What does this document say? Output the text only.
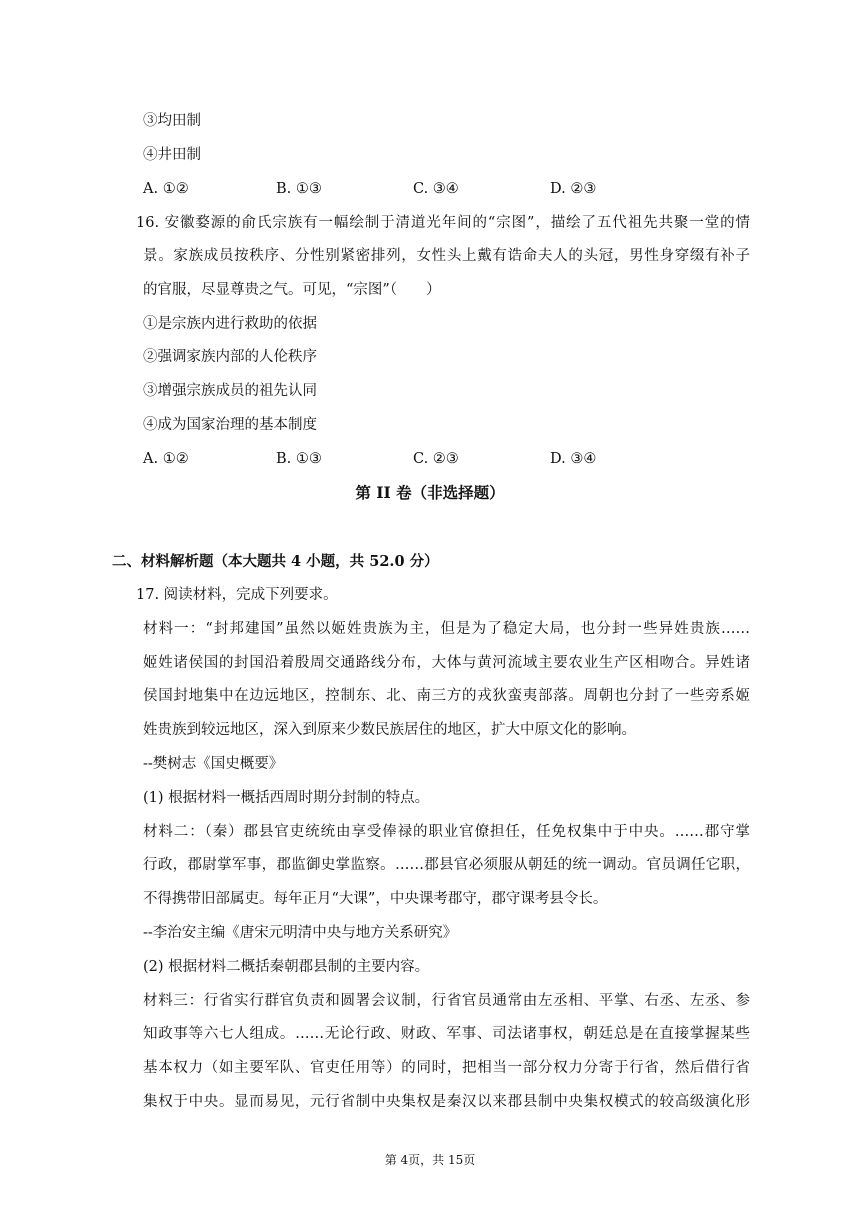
③均田制
④井田制
A. ①②	B. ①③	C. ③④	D. ②③
16. 安徽婺源的俞氏宗族有一幅绘制于清道光年间的“宗图”，描绘了五代祖先共聚一堂的情
景。家族成员按秩序、分性别紧密排列，女性头上戴有诰命夫人的头冠，男性身穿缀有补子
的官服，尽显尊贵之气。可见，“宗图”（　　）
①是宗族内进行救助的依据
②强调家族内部的人伦秩序
③增强宗族成员的祖先认同
④成为国家治理的基本制度
A. ①②	B. ①③	C. ②③	D. ③④
第 II 卷（非选择题）
二、材料解析题（本大题共 4 小题，共 52.0 分）
17. 阅读材料，完成下列要求。
材料一：“封邦建国”虽然以姬姓贵族为主，但是为了稳定大局，也分封一些异姓贵族……
姬姓诸侯国的封国沿着殷周交通路线分布，大体与黄河流域主要农业生产区相吻合。异姓诸
侯国封地集中在边远地区，控制东、北、南三方的戎狄蛮夷部落。周朝也分封了一些旁系姬
姓贵族到较远地区，深入到原来少数民族居住的地区，扩大中原文化的影响。
--樊树志《国史概要》
(1) 根据材料一概括西周时期分封制的特点。
材料二：（秦）郡县官吏统统由享受俸禄的职业官僚担任，任免权集中于中央。……郡守掌
行政，郡尉掌军事，郡监御史掌监察。……郡县官必须服从朝廷的统一调动。官员调任它职，
不得携带旧部属吏。每年正月“大课”，中央课考郡守，郡守课考县令长。
--李治安主编《唐宋元明清中央与地方关系研究》
(2) 根据材料二概括秦朝郡县制的主要内容。
材料三：行省实行群官负责和圆署会议制，行省官员通常由左丞相、平掌、右丞、左丞、参
知政事等六七人组成。……无论行政、财政、军事、司法诸事权，朝廷总是在直接掌握某些
基本权力（如主要军队、官吏任用等）的同时，把相当一部分权力分寄于行省，然后借行省
集权于中央。显而易见，元行省制中央集权是秦汉以来郡县制中央集权模式的较高级演化形
第 4页，共 15页
